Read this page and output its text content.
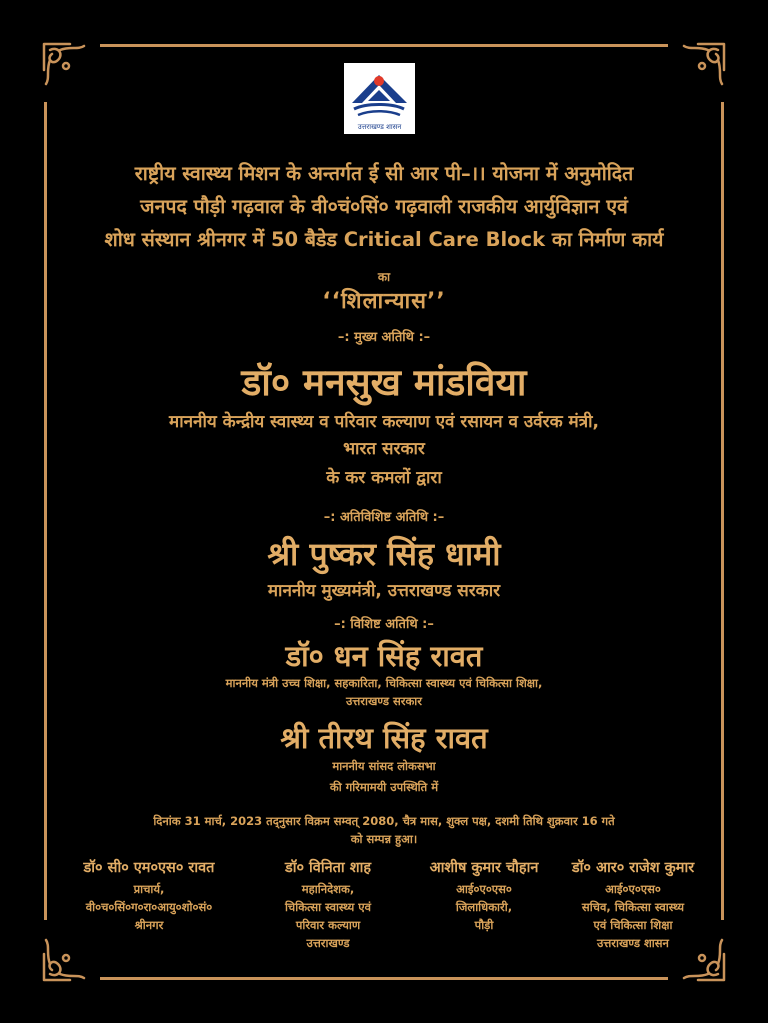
उत्तराखण्ड शासन
राष्ट्रीय स्वास्थ्य मिशन के अन्तर्गत ई सी आर पी–।। योजना में अनुमोदित
जनपद पौड़ी गढ़वाल के वी०चं०सिं० गढ़वाली राजकीय आर्युविज्ञान एवं
शोध संस्थान श्रीनगर में 50 बैडेड Critical Care Block का निर्माण कार्य
का
‘‘शिलान्यास’’
–: मुख्य अतिथि :–
डॉ० मनसुख मांडविया
माननीय केन्द्रीय स्वास्थ्य व परिवार कल्याण एवं रसायन व उर्वरक मंत्री,
भारत सरकार
के कर कमलों द्वारा
–: अतिविशिष्ट अतिथि :–
श्री पुष्कर सिंह धामी
माननीय मुख्यमंत्री, उत्तराखण्ड सरकार
–: विशिष्ट अतिथि :–
डॉ० धन सिंह रावत
माननीय मंत्री उच्च शिक्षा, सहकारिता, चिकित्सा स्वास्थ्य एवं चिकित्सा शिक्षा,
उत्तराखण्ड सरकार
श्री तीरथ सिंह रावत
माननीय सांसद लोकसभा
की गरिमामयी उपस्थिति में
दिनांक 31 मार्च, 2023 तद्नुसार विक्रम सम्वत् 2080, चैत्र मास, शुक्ल पक्ष, दशमी तिथि शुक्रवार 16 गते
को सम्पन्न हुआ।
डॉ० सी० एम०एस० रावत
प्राचार्य,
वी०च०सिं०ग०रा०आयु०शो०सं०
श्रीनगर
डॉ० विनिता शाह
महानिदेशक,
चिकित्सा स्वास्थ्य एवं
परिवार कल्याण
उत्तराखण्ड
आशीष कुमार चौहान
आई०ए०एस०
जिलाधिकारी,
पौड़ी
डॉ० आर० राजेश कुमार
आई०ए०एस०
सचिव, चिकित्सा स्वास्थ्य
एवं चिकित्सा शिक्षा
उत्तराखण्ड शासन
